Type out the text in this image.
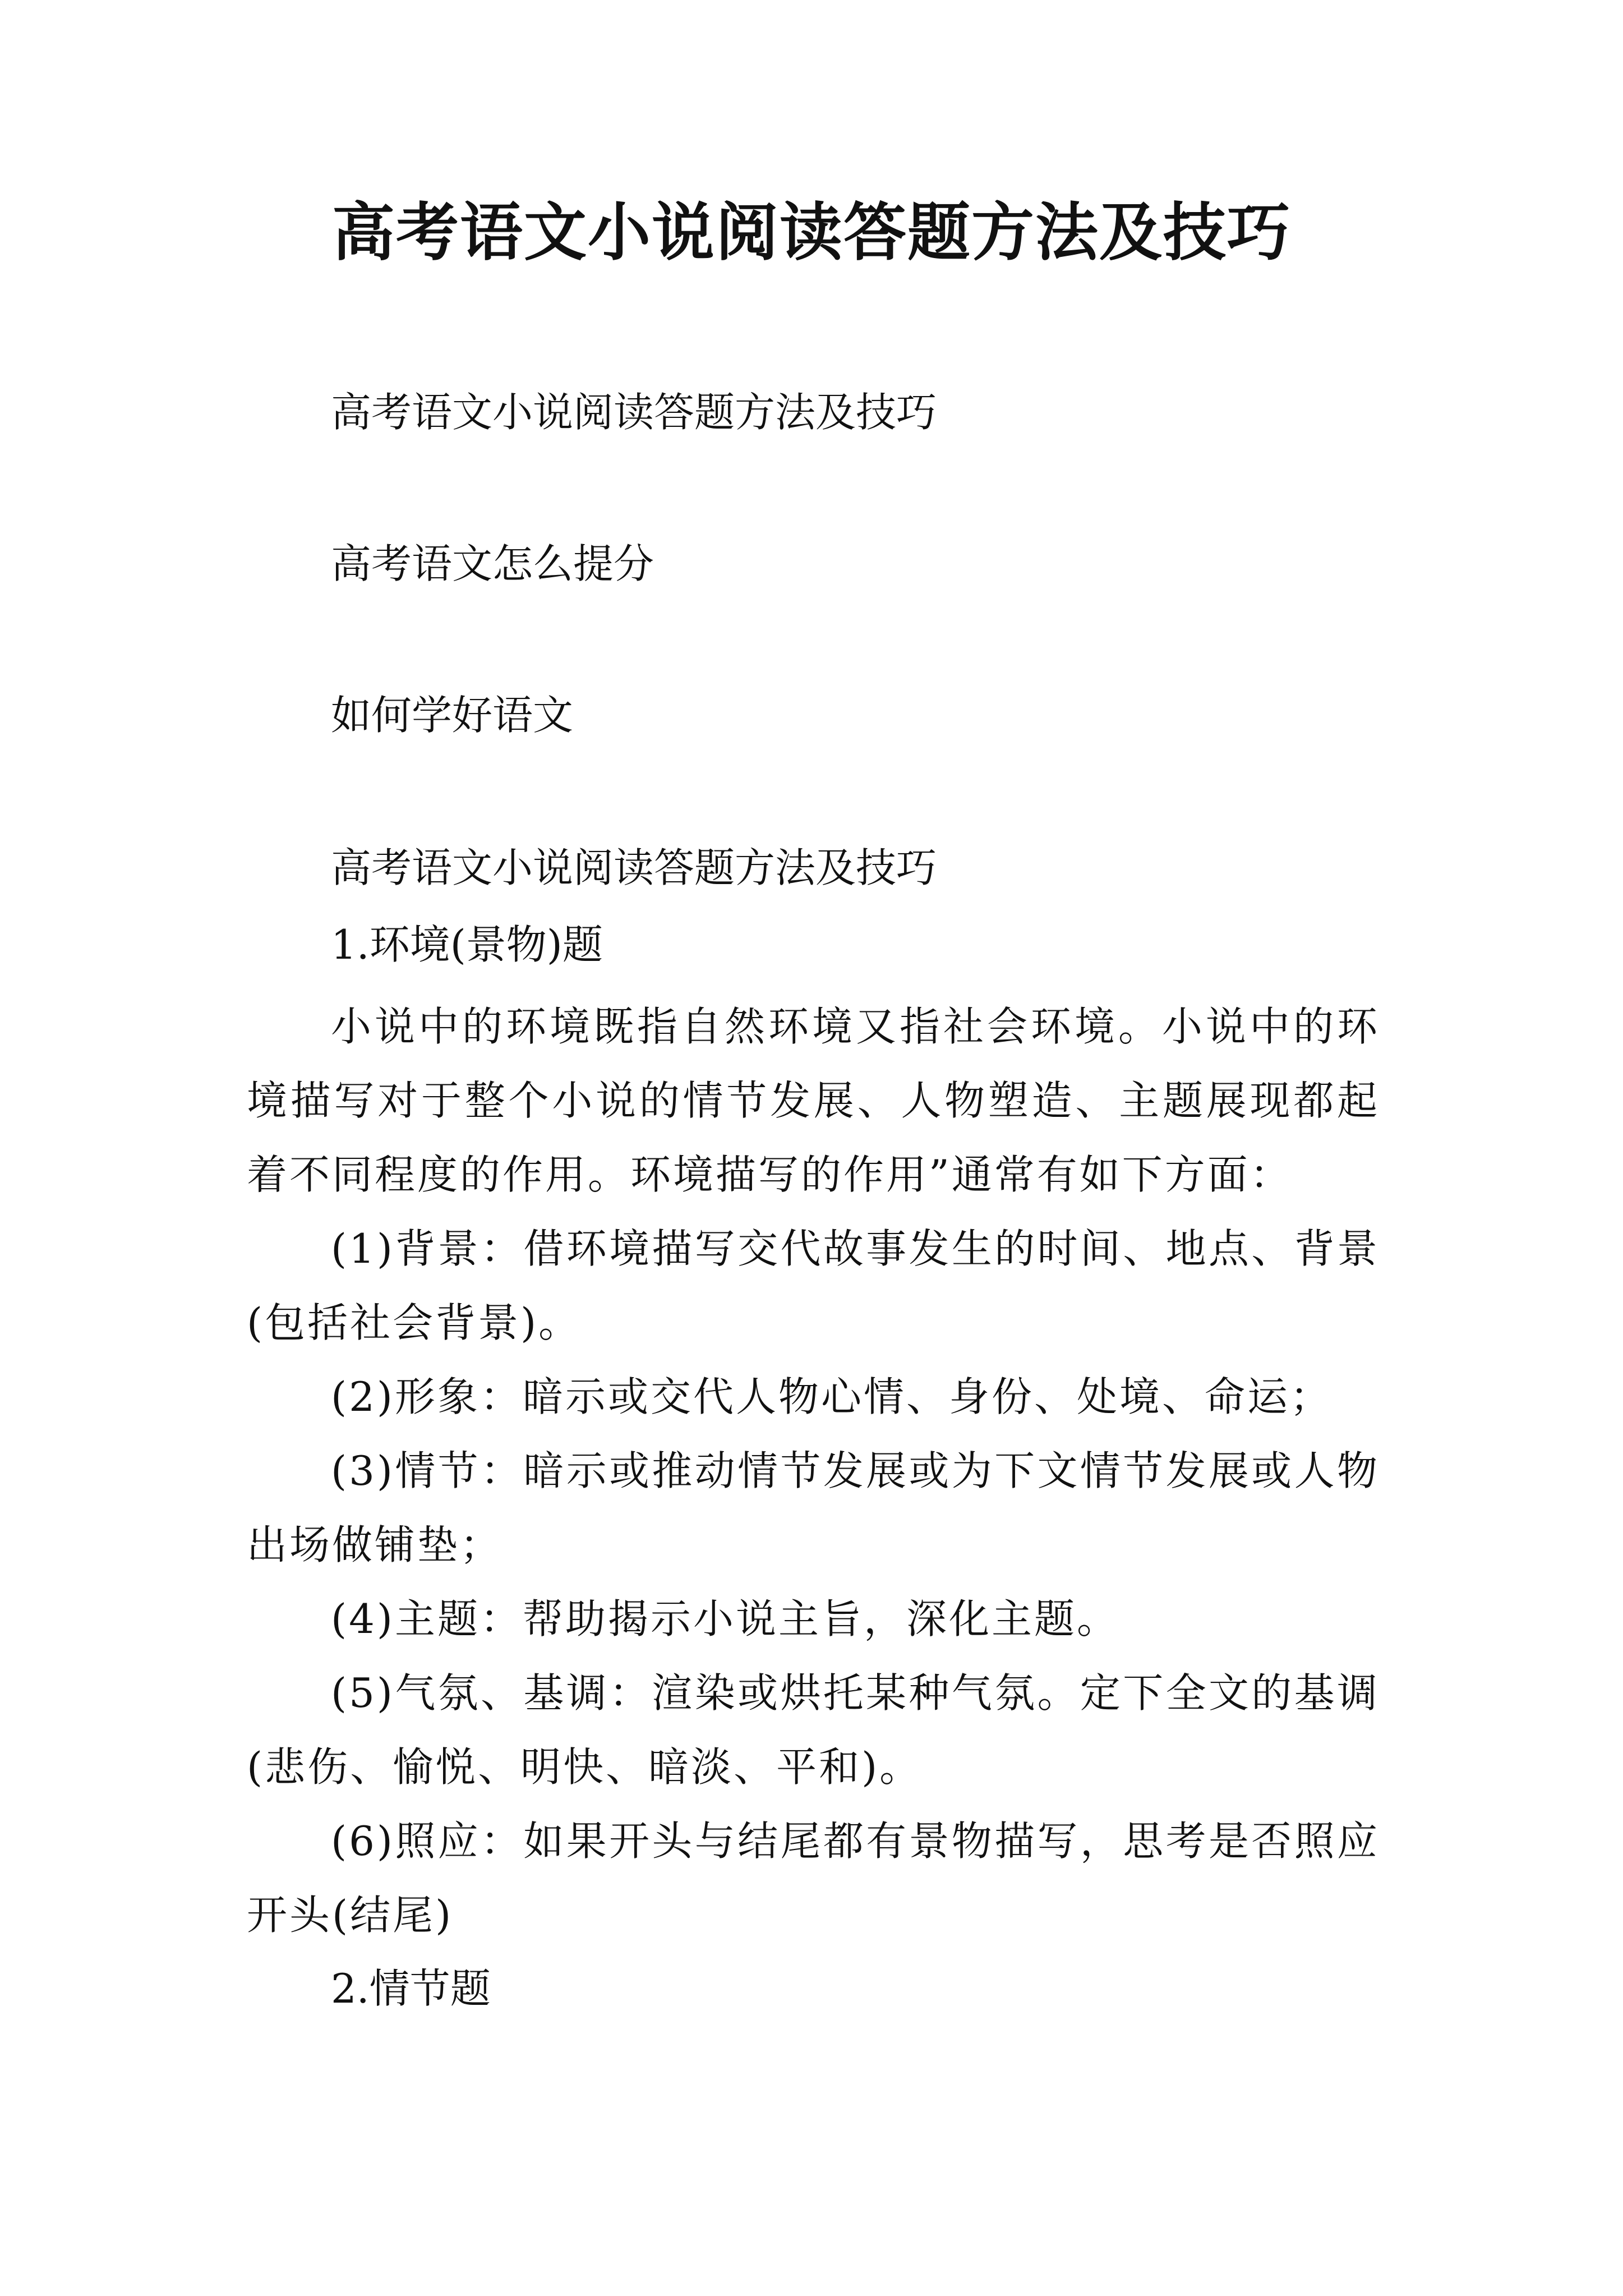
高考语文小说阅读答题方法及技巧
高考语文小说阅读答题方法及技巧
高考语文怎么提分
如何学好语文
高考语文小说阅读答题方法及技巧
1.环境(景物)题
小说中的环境既指自然环境又指社会环境。小说中的环境描写对于整个小说的情节发展、人物塑造、主题展现都起着不同程度的作用。环境描写的作用”通常有如下方面：
(1)背景：借环境描写交代故事发生的时间、地点、背景(包括社会背景)。
(2)形象：暗示或交代人物心情、身份、处境、命运；
(3)情节：暗示或推动情节发展或为下文情节发展或人物出场做铺垫；
(4)主题：帮助揭示小说主旨，深化主题。
(5)气氛、基调：渲染或烘托某种气氛。定下全文的基调(悲伤、愉悦、明快、暗淡、平和)。
(6)照应：如果开头与结尾都有景物描写，思考是否照应开头(结尾)
2.情节题
